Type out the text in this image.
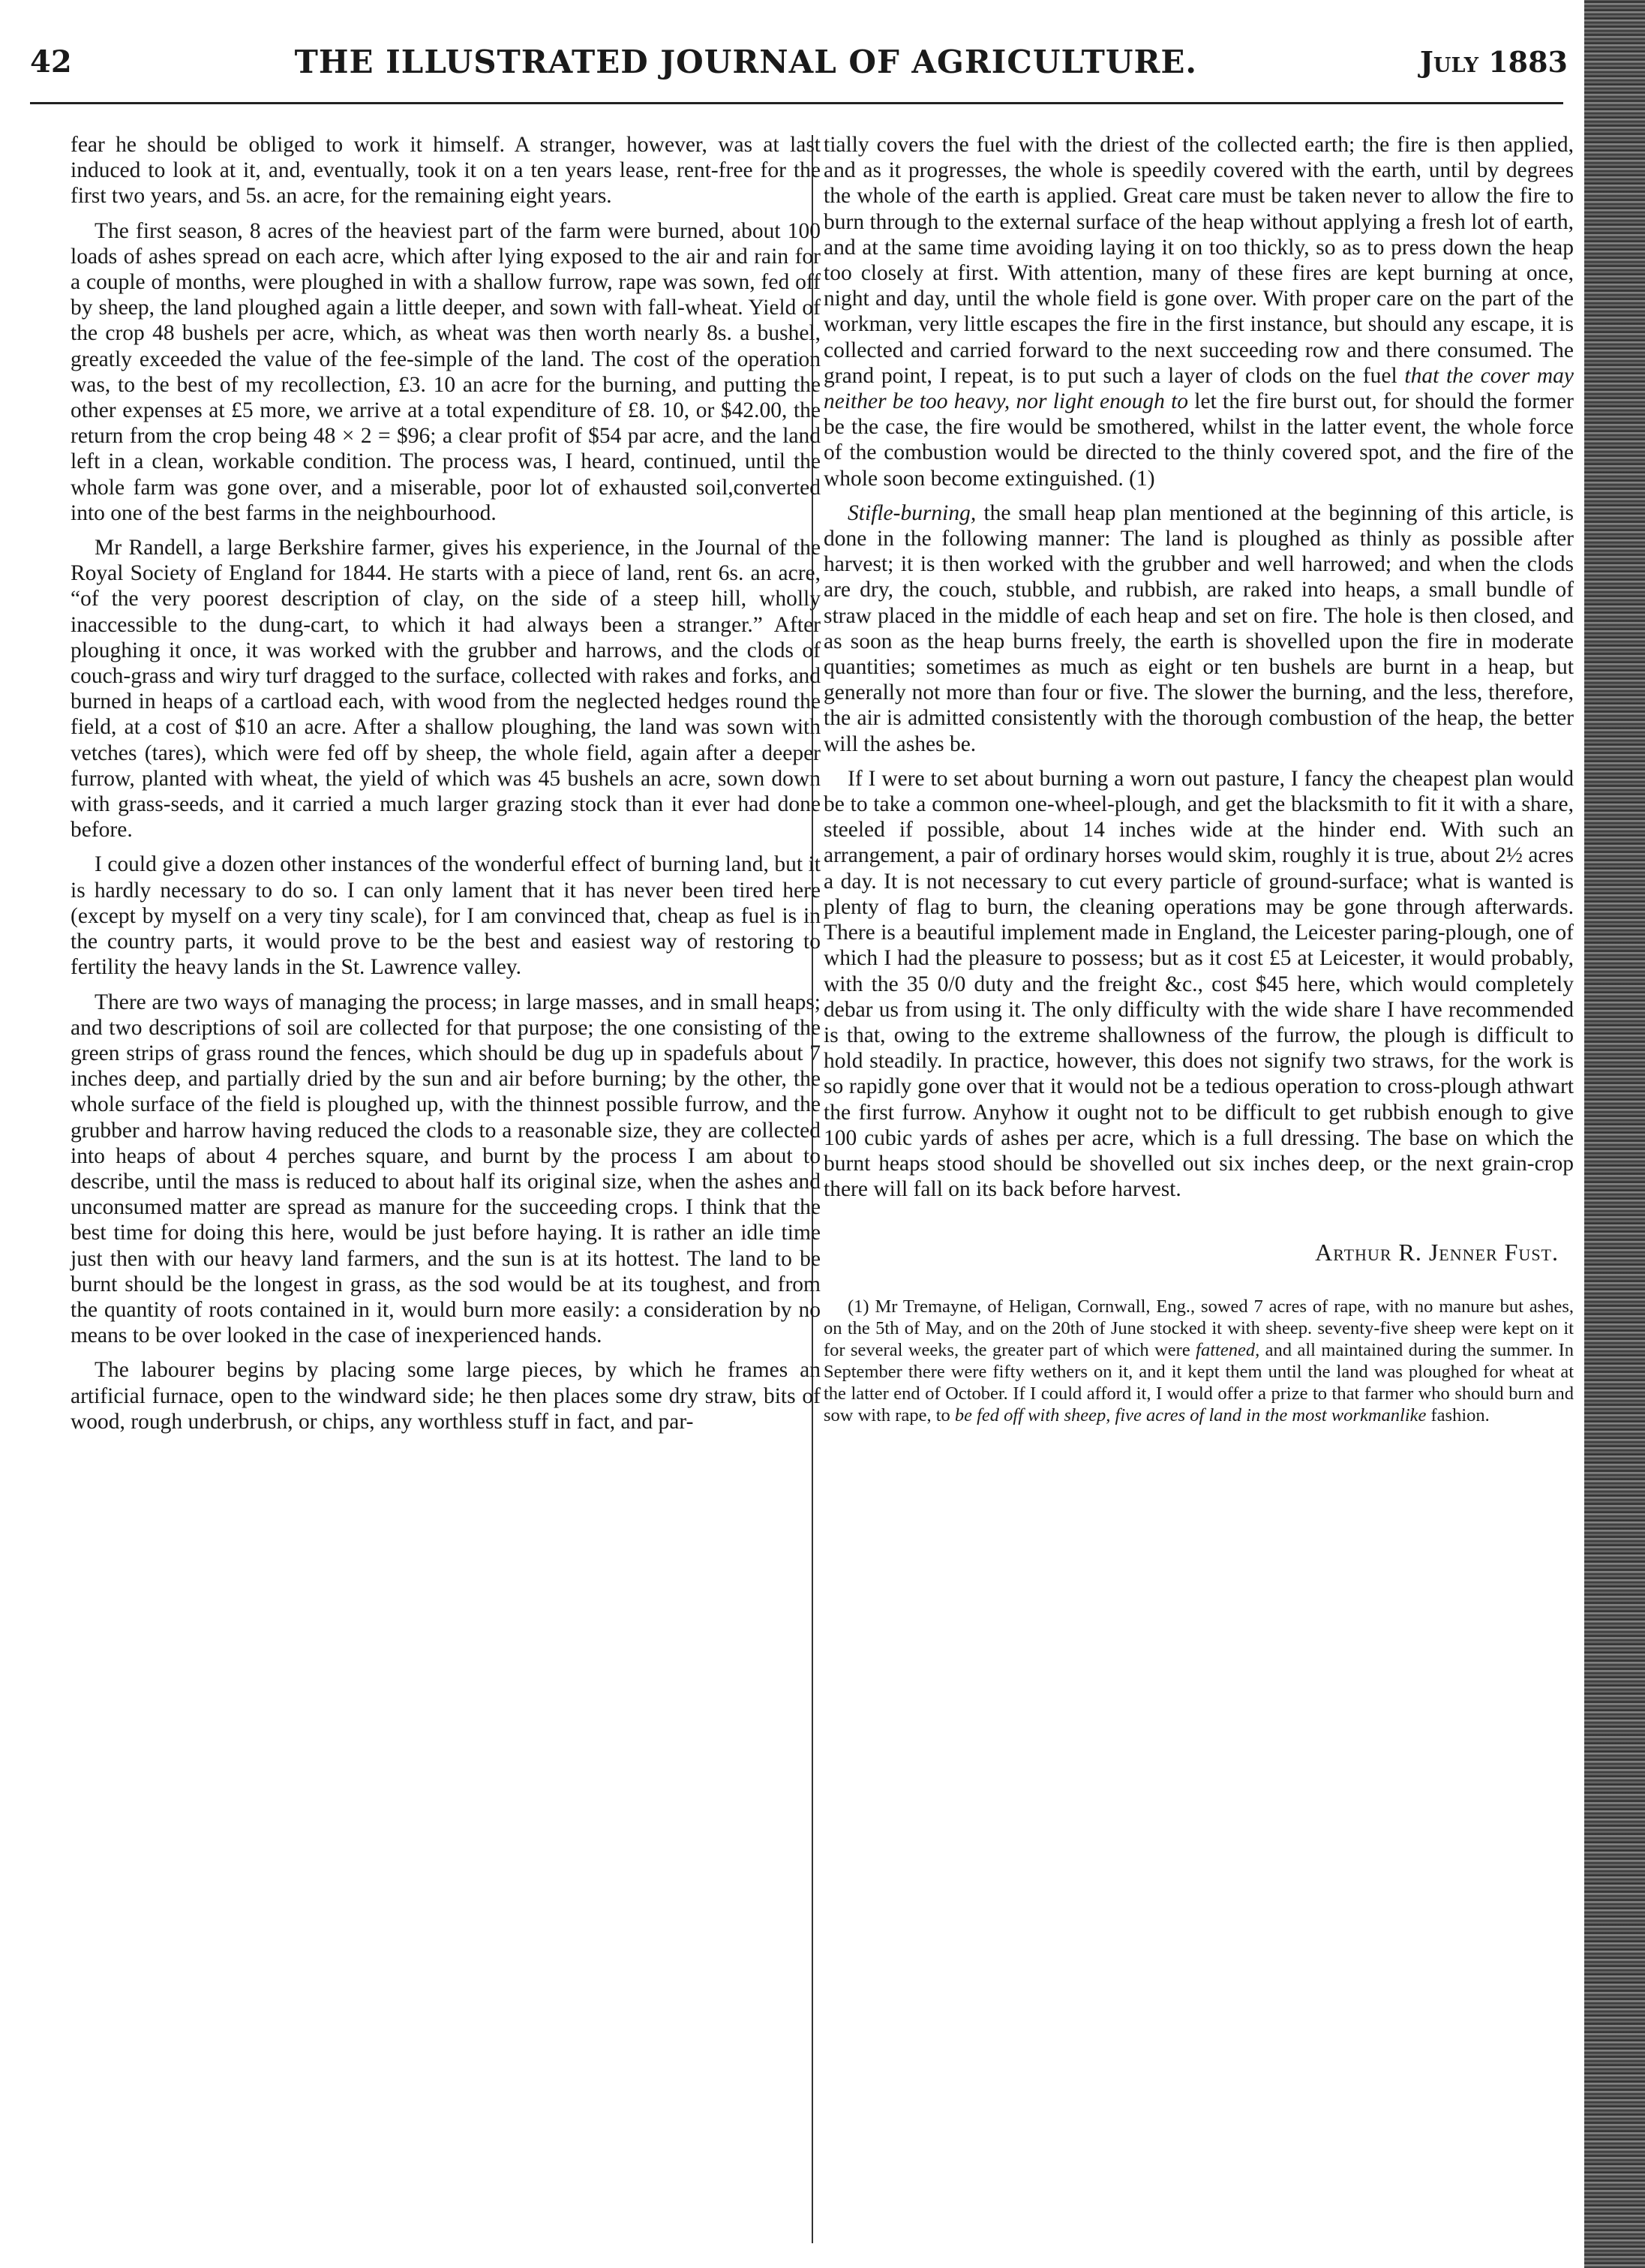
42	THE ILLUSTRATED JOURNAL OF AGRICULTURE.	July 1883

fear he should be obliged to work it himself. A stranger, however, was at last induced to look at it, and, eventually, took it on a ten years lease, rent-free for the first two years, and 5s. an acre, for the remaining eight years.

The first season, 8 acres of the heaviest part of the farm were burned, about 100 loads of ashes spread on each acre, which after lying exposed to the air and rain for a couple of months, were ploughed in with a shallow furrow, rape was sown, fed off by sheep, the land ploughed again a little deeper, and sown with fall-wheat. Yield of the crop 48 bushels per acre, which, as wheat was then worth nearly 8s. a bushel, greatly exceeded the value of the fee-simple of the land. The cost of the operation was, to the best of my recollection, £3. 10 an acre for the burning, and putting the other expenses at £5 more, we arrive at a total expenditure of £8. 10, or $42.00, the return from the crop being 48 × 2 = $96; a clear profit of $54 par acre, and the land left in a clean, workable condition. The process was, I heard, continued, until the whole farm was gone over, and a miserable, poor lot of exhausted soil,converted into one of the best farms in the neighbourhood.

Mr Randell, a large Berkshire farmer, gives his experience, in the Journal of the Royal Society of England for 1844. He starts with a piece of land, rent 6s. an acre, “of the very poorest description of clay, on the side of a steep hill, wholly inaccessible to the dung-cart, to which it had always been a stranger.” After ploughing it once, it was worked with the grubber and harrows, and the clods of couch-grass and wiry turf dragged to the surface, collected with rakes and forks, and burned in heaps of a cartload each, with wood from the neglected hedges round the field, at a cost of $10 an acre. After a shallow ploughing, the land was sown with vetches (tares), which were fed off by sheep, the whole field, again after a deeper furrow, planted with wheat, the yield of which was 45 bushels an acre, sown down with grass-seeds, and it carried a much larger grazing stock than it ever had done before.

I could give a dozen other instances of the wonderful effect of burning land, but it is hardly necessary to do so. I can only lament that it has never been tired here (except by myself on a very tiny scale), for I am convinced that, cheap as fuel is in the country parts, it would prove to be the best and easiest way of restoring to fertility the heavy lands in the St. Lawrence valley.

There are two ways of managing the process; in large masses, and in small heaps; and two descriptions of soil are collected for that purpose; the one consisting of the green strips of grass round the fences, which should be dug up in spadefuls about 7 inches deep, and partially dried by the sun and air before burning; by the other, the whole surface of the field is ploughed up, with the thinnest possible furrow, and the grubber and harrow having reduced the clods to a reasonable size, they are collected into heaps of about 4 perches square, and burnt by the process I am about to describe, until the mass is reduced to about half its original size, when the ashes and unconsumed matter are spread as manure for the succeeding crops. I think that the best time for doing this here, would be just before haying. It is rather an idle time just then with our heavy land farmers, and the sun is at its hottest. The land to be burnt should be the longest in grass, as the sod would be at its toughest, and from the quantity of roots contained in it, would burn more easily: a consideration by no means to be over looked in the case of inexperienced hands.

The labourer begins by placing some large pieces, by which he frames an artificial furnace, open to the windward side; he then places some dry straw, bits of wood, rough underbrush, or chips, any worthless stuff in fact, and par-

tially covers the fuel with the driest of the collected earth; the fire is then applied, and as it progresses, the whole is speedily covered with the earth, until by degrees the whole of the earth is applied. Great care must be taken never to allow the fire to burn through to the external surface of the heap without applying a fresh lot of earth, and at the same time avoiding laying it on too thickly, so as to press down the heap too closely at first. With attention, many of these fires are kept burning at once, night and day, until the whole field is gone over. With proper care on the part of the workman, very little escapes the fire in the first instance, but should any escape, it is collected and carried forward to the next succeeding row and there consumed. The grand point, I repeat, is to put such a layer of clods on the fuel that the cover may neither be too heavy, nor light enough to let the fire burst out, for should the former be the case, the fire would be smothered, whilst in the latter event, the whole force of the combustion would be directed to the thinly covered spot, and the fire of the whole soon become extinguished. (1)

Stifle-burning, the small heap plan mentioned at the beginning of this article, is done in the following manner: The land is ploughed as thinly as possible after harvest; it is then worked with the grubber and well harrowed; and when the clods are dry, the couch, stubble, and rubbish, are raked into heaps, a small bundle of straw placed in the middle of each heap and set on fire. The hole is then closed, and as soon as the heap burns freely, the earth is shovelled upon the fire in moderate quantities; sometimes as much as eight or ten bushels are burnt in a heap, but generally not more than four or five. The slower the burning, and the less, therefore, the air is admitted consistently with the thorough combustion of the heap, the better will the ashes be.

If I were to set about burning a worn out pasture, I fancy the cheapest plan would be to take a common one-wheel-plough, and get the blacksmith to fit it with a share, steeled if possible, about 14 inches wide at the hinder end. With such an arrangement, a pair of ordinary horses would skim, roughly it is true, about 2½ acres a day. It is not necessary to cut every particle of ground-surface; what is wanted is plenty of flag to burn, the cleaning operations may be gone through afterwards. There is a beautiful implement made in England, the Leicester paring-plough, one of which I had the pleasure to possess; but as it cost £5 at Leicester, it would probably, with the 35 0/0 duty and the freight &c., cost $45 here, which would completely debar us from using it. The only difficulty with the wide share I have recommended is that, owing to the extreme shallowness of the furrow, the plough is difficult to hold steadily. In practice, however, this does not signify two straws, for the work is so rapidly gone over that it would not be a tedious operation to cross-plough athwart the first furrow. Anyhow it ought not to be difficult to get rubbish enough to give 100 cubic yards of ashes per acre, which is a full dressing. The base on which the burnt heaps stood should be shovelled out six inches deep, or the next grain-crop there will fall on its back before harvest.

Arthur R. Jenner Fust.

(1) Mr Tremayne, of Heligan, Cornwall, Eng., sowed 7 acres of rape, with no manure but ashes, on the 5th of May, and on the 20th of June stocked it with sheep. seventy-five sheep were kept on it for several weeks, the greater part of which were fattened, and all maintained during the summer. In September there were fifty wethers on it, and it kept them until the land was ploughed for wheat at the latter end of October. If I could afford it, I would offer a prize to that farmer who should burn and sow with rape, to be fed off with sheep, five acres of land in the most workmanlike fashion.
